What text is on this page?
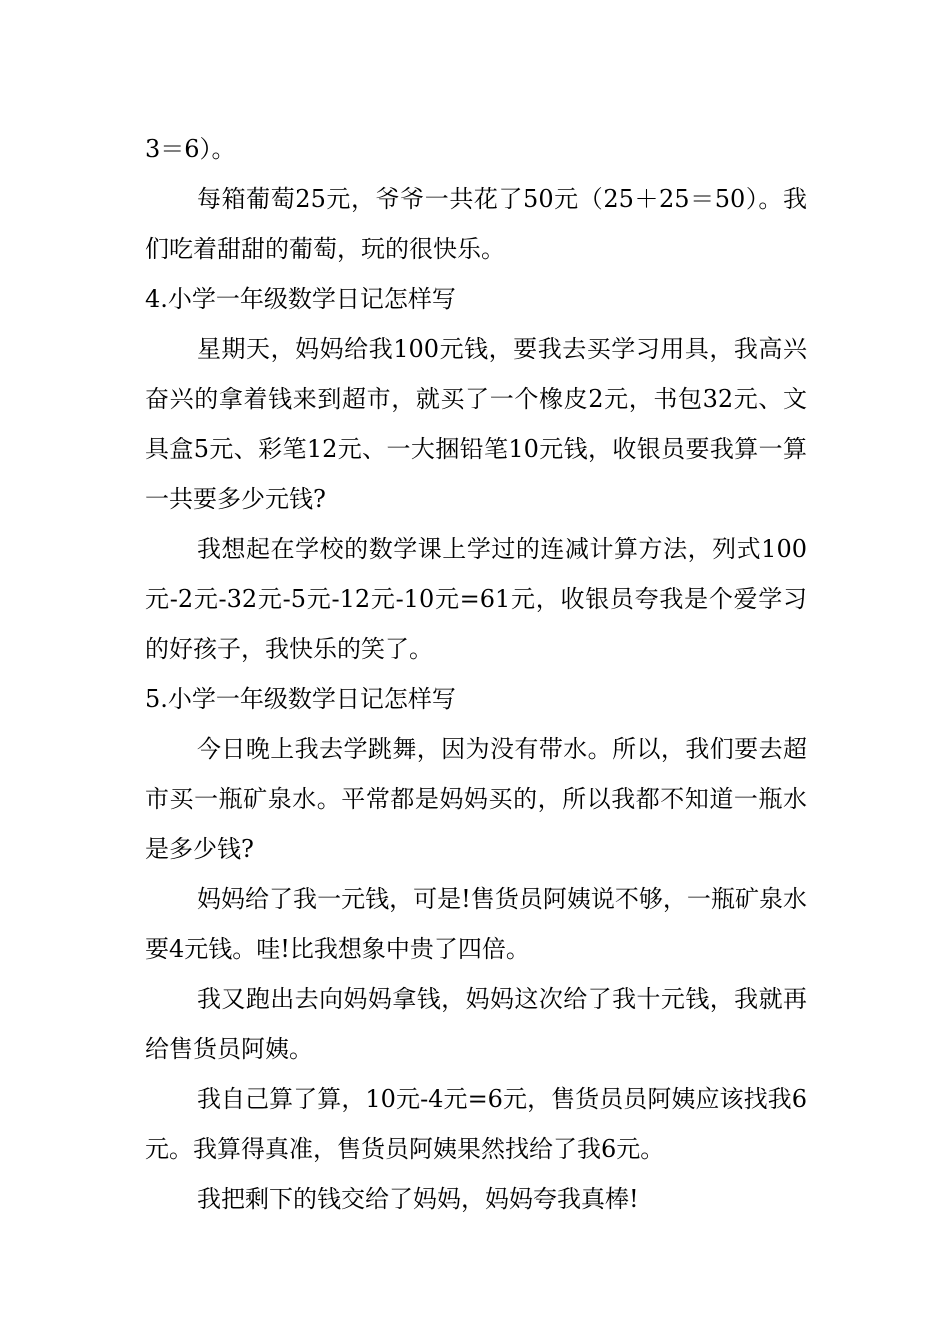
3＝6）。

每箱葡萄25元，爷爷一共花了50元（25＋25＝50）。我们吃着甜甜的葡萄，玩的很快乐。

4.小学一年级数学日记怎样写

星期天，妈妈给我100元钱，要我去买学习用具，我高兴奋兴的拿着钱来到超市，就买了一个橡皮2元，书包32元、文具盒5元、彩笔12元、一大捆铅笔10元钱，收银员要我算一算一共要多少元钱?

我想起在学校的数学课上学过的连减计算方法，列式100元-2元-32元-5元-12元-10元=61元，收银员夸我是个爱学习的好孩子，我快乐的笑了。

5.小学一年级数学日记怎样写

今日晚上我去学跳舞，因为没有带水。所以，我们要去超市买一瓶矿泉水。平常都是妈妈买的，所以我都不知道一瓶水是多少钱?

妈妈给了我一元钱，可是!售货员阿姨说不够，一瓶矿泉水要4元钱。哇!比我想象中贵了四倍。

我又跑出去向妈妈拿钱，妈妈这次给了我十元钱，我就再给售货员阿姨。

我自己算了算，10元-4元=6元，售货员员阿姨应该找我6元。我算得真准，售货员阿姨果然找给了我6元。

我把剩下的钱交给了妈妈，妈妈夸我真棒!
